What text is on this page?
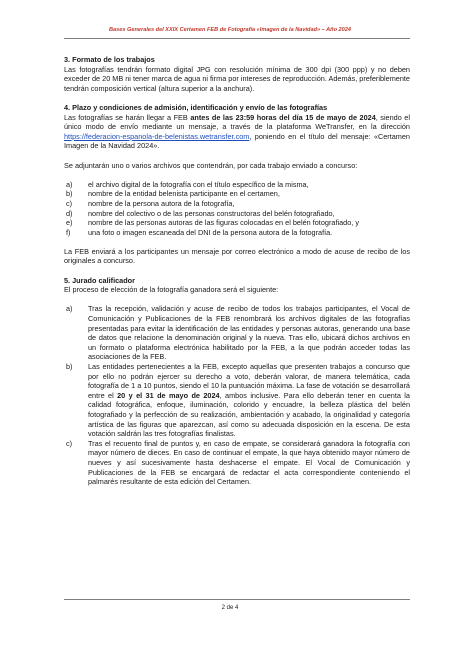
Bases Generales del XXIX Certamen FEB de Fotografía «Imagen de la Navidad» – Año 2024

3. Formato de los trabajos

Las fotografías tendrán formato digital JPG con resolución mínima de 300 dpi (300 ppp) y no deben exceder de 20 MB ni tener marca de agua ni firma por intereses de reproducción. Además, preferiblemente tendrán composición vertical (altura superior a la anchura).

4. Plazo y condiciones de admisión, identificación y envío de las fotografías

Las fotografías se harán llegar a FEB antes de las 23:59 horas del día 15 de mayo de 2024, siendo el único modo de envío mediante un mensaje, a través de la plataforma WeTransfer, en la dirección https://federacion-espanola-de-belenistas.wetransfer.com, poniendo en el título del mensaje: «Certamen Imagen de la Navidad 2024».

Se adjuntarán uno o varios archivos que contendrán, por cada trabajo enviado a concurso:

a)	el archivo digital de la fotografía con el título específico de la misma,
b)	nombre de la entidad belenista participante en el certamen,
c)	nombre de la persona autora de la fotografía,
d)	nombre del colectivo o de las personas constructoras del belén fotografiado,
e)	nombre de las personas autoras de las figuras colocadas en el belén fotografiado, y
f)	una foto o imagen escaneada del DNI de la persona autora de la fotografía.

La FEB enviará a los participantes un mensaje por correo electrónico a modo de acuse de recibo de los originales a concurso.

5. Jurado calificador

El proceso de elección de la fotografía ganadora será el siguiente:

a)	Tras la recepción, validación y acuse de recibo de todos los trabajos participantes, el Vocal de Comunicación y Publicaciones de la FEB renombrará los archivos digitales de las fotografías presentadas para evitar la identificación de las entidades y personas autoras, generando una base de datos que relacione la denominación original y la nueva. Tras ello, ubicará dichos archivos en un formato o plataforma electrónica habilitado por la FEB, a la que podrán acceder todas las asociaciones de la FEB.
b)	Las entidades pertenecientes a la FEB, excepto aquellas que presenten trabajos a concurso que por ello no podrán ejercer su derecho a voto, deberán valorar, de manera telemática, cada fotografía de 1 a 10 puntos, siendo el 10 la puntuación máxima. La fase de votación se desarrollará entre el 20 y el 31 de mayo de 2024, ambos inclusive. Para ello deberán tener en cuenta la calidad fotográfica, enfoque, iluminación, colorido y encuadre, la belleza plástica del belén fotografiado y la perfección de su realización, ambientación y acabado, la originalidad y categoría artística de las figuras que aparezcan, así como su adecuada disposición en la escena. De esta votación saldrán las tres fotografías finalistas.
c)	Tras el recuento final de puntos y, en caso de empate, se considerará ganadora la fotografía con mayor número de dieces. En caso de continuar el empate, la que haya obtenido mayor número de nueves y así sucesivamente hasta deshacerse el empate. El Vocal de Comunicación y Publicaciones de la FEB se encargará de redactar el acta correspondiente conteniendo el palmarés resultante de esta edición del Certamen.
2 de 4
